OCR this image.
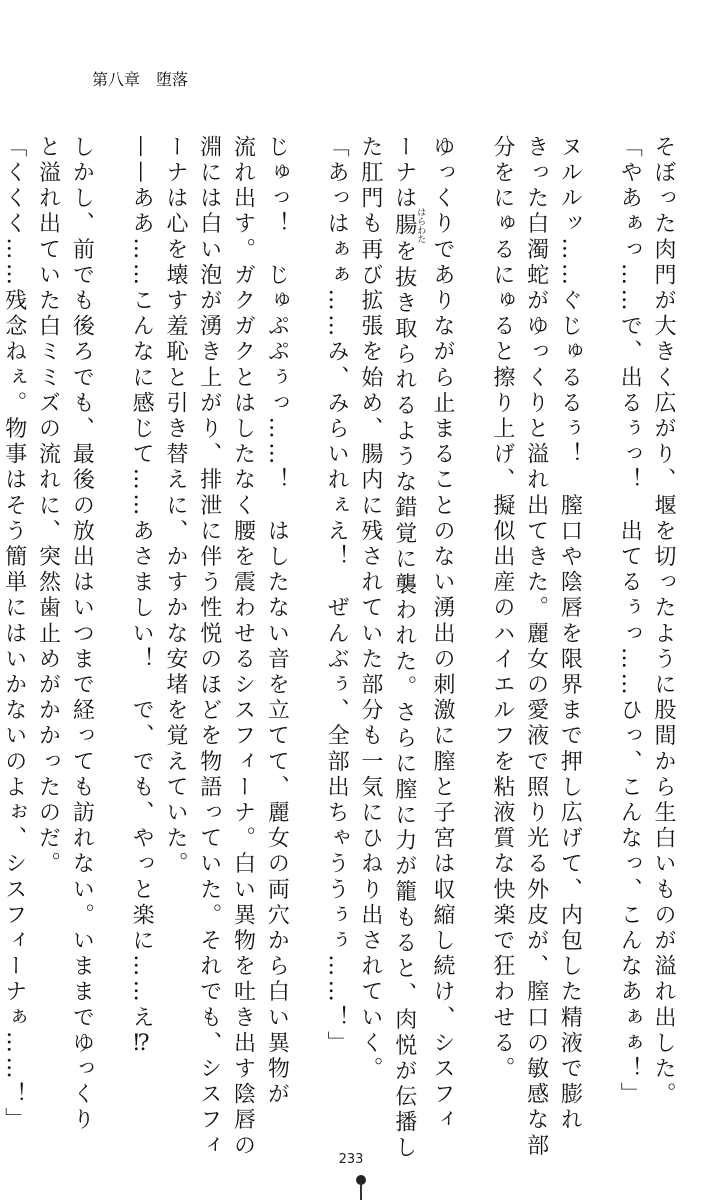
第八章　堕落
そぼった肉門が大きく広がり、堰を切ったように股間から生白いものが溢れ出した。
「やあぁっ……で、出るぅっ！　出てるぅっ……ひっ、こんなっ、こんなあぁぁ！」
ヌルルッ……ぐじゅるるぅ！　膣口や陰唇を限界まで押し広げて、内包した精液で膨れ
きった白濁蛇がゆっくりと溢れ出てきた。麗女の愛液で照り光る外皮が、膣口の敏感な部
分をにゅるにゅると擦り上げ、擬似出産のハイエルフを粘液質な快楽で狂わせる。
ゆっくりでありながら止まることのない湧出の刺激に膣と子宮は収縮し続け、シスフィ
ーナは腸はらわたを抜き取られるような錯覚に襲われた。さらに膣に力が籠もると、肉悦が伝播し
た肛門も再び拡張を始め、腸内に残されていた部分も一気にひねり出されていく。
「あっはぁぁ……み、みらいれぇえ！　ぜんぶぅ、全部出ちゃううぅぅ……！」
じゅっ！　じゅぷぷぅっ……！　はしたない音を立てて、麗女の両穴から白い異物が
流れ出す。ガクガクとはしたなく腰を震わせるシスフィーナ。白い異物を吐き出す陰唇の
淵には白い泡が湧き上がり、排泄に伴う性悦のほどを物語っていた。それでも、シスフィ
ーナは心を壊す羞恥と引き替えに、かすかな安堵を覚えていた。
——ああ……こんなに感じて……あさましい！　で、でも、やっと楽に……え⁉
しかし、前でも後ろでも、最後の放出はいつまで経っても訪れない。いままでゆっくり
と溢れ出ていた白ミミズの流れに、突然歯止めがかかったのだ。
「くくく……残念ねぇ。物事はそう簡単にはいかないのよぉ、シスフィーナぁ……！」
233
